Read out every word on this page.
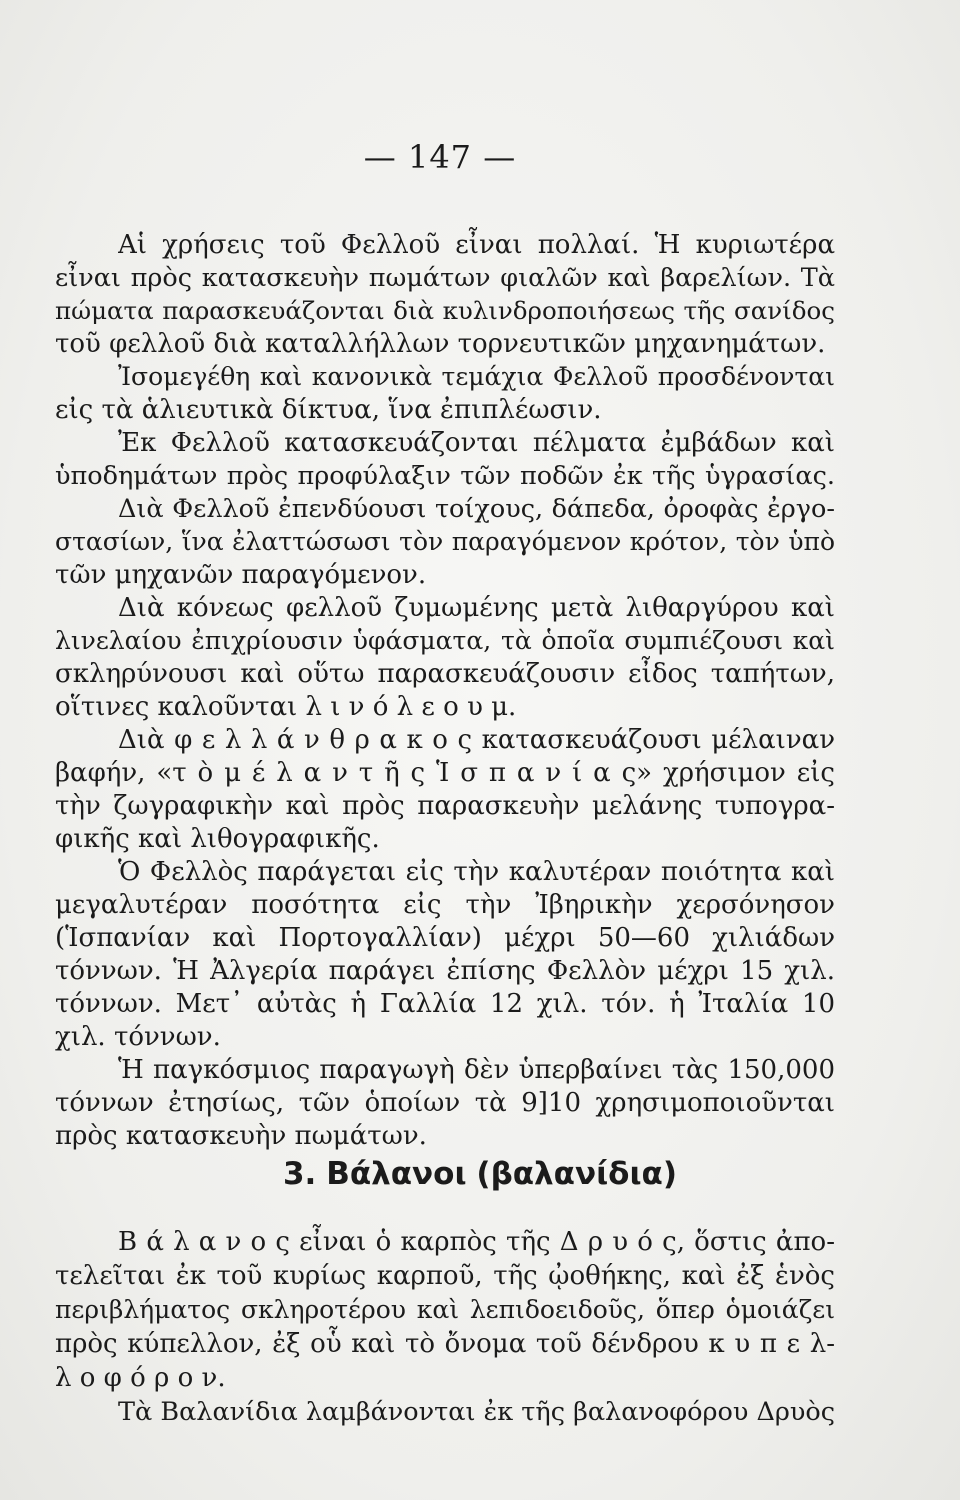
— 147 —
Αἱ χρήσεις τοῦ Φελλοῦ εἶναι πολλαί. Ἡ κυριωτέρα
εἶναι πρὸς κατασκευὴν πωμάτων φιαλῶν καὶ βαρελίων. Τὰ
πώματα παρασκευάζονται διὰ κυλινδροποιήσεως τῆς σανίδος
τοῦ φελλοῦ διὰ καταλλήλλων τορνευτικῶν μηχανημάτων.
Ἰσομεγέθη καὶ κανονικὰ τεμάχια Φελλοῦ προσδένονται
εἰς τὰ ἁλιευτικὰ δίκτυα, ἵνα ἐπιπλέωσιν.
Ἐκ Φελλοῦ κατασκευάζονται πέλματα ἐμβάδων καὶ
ὑποδημάτων πρὸς προφύλαξιν τῶν ποδῶν ἐκ τῆς ὑγρασίας.
Διὰ Φελλοῦ ἐπενδύουσι τοίχους, δάπεδα, ὀροφὰς ἐργο-
στασίων, ἵνα ἐλαττώσωσι τὸν παραγόμενον κρότον, τὸν ὑπὸ
τῶν μηχανῶν παραγόμενον.
Διὰ κόνεως φελλοῦ ζυμωμένης μετὰ λιθαργύρου καὶ
λινελαίου ἐπιχρίουσιν ὑφάσματα, τὰ ὁποῖα συμπιέζουσι καὶ
σκληρύνουσι καὶ οὕτω παρασκευάζουσιν εἶδος ταπήτων,
οἵτινες καλοῦνται λ ι ν ό λ ε ο υ μ.
Διὰ φ ε λ λ ά ν θ ρ α κ ο ς κατασκευάζουσι μέλαιναν
βαφήν, «τ ὸ μ έ λ α ν τ ῆ ς Ἱ σ π α ν ί α ς» χρήσιμον εἰς
τὴν ζωγραφικὴν καὶ πρὸς παρασκευὴν μελάνης τυπογρα-
φικῆς καὶ λιθογραφικῆς.
Ὁ Φελλὸς παράγεται εἰς τὴν καλυτέραν ποιότητα καὶ
μεγαλυτέραν ποσότητα εἰς τὴν Ἰβηρικὴν χερσόνησον
(Ἱσπανίαν καὶ Πορτογαλλίαν) μέχρι 50—60 χιλιάδων
τόννων. Ἡ Ἀλγερία παράγει ἐπίσης Φελλὸν μέχρι 15 χιλ.
τόννων. Μετ᾽ αὐτὰς ἡ Γαλλία 12 χιλ. τόν. ἡ Ἰταλία 10
χιλ. τόννων.
Ἡ παγκόσμιος παραγωγὴ δὲν ὑπερβαίνει τὰς 150,000
τόννων ἐτησίως, τῶν ὁποίων τὰ 9]10 χρησιμοποιοῦνται
πρὸς κατασκευὴν πωμάτων.
3. Βάλανοι (βαλανίδια)
Β ά λ α ν ο ς εἶναι ὁ καρπὸς τῆς Δ ρ υ ό ς, ὅστις ἀπο-
τελεῖται ἐκ τοῦ κυρίως καρποῦ, τῆς ᾠοθήκης, καὶ ἐξ ἑνὸς
περιβλήματος σκληροτέρου καὶ λεπιδοειδοῦς, ὅπερ ὁμοιάζει
πρὸς κύπελλον, ἐξ οὗ καὶ τὸ ὄνομα τοῦ δένδρου κ υ π ε λ-
λ ο φ ό ρ ο ν.
Τὰ Βαλανίδια λαμβάνονται ἐκ τῆς βαλανοφόρου Δρυὸς
